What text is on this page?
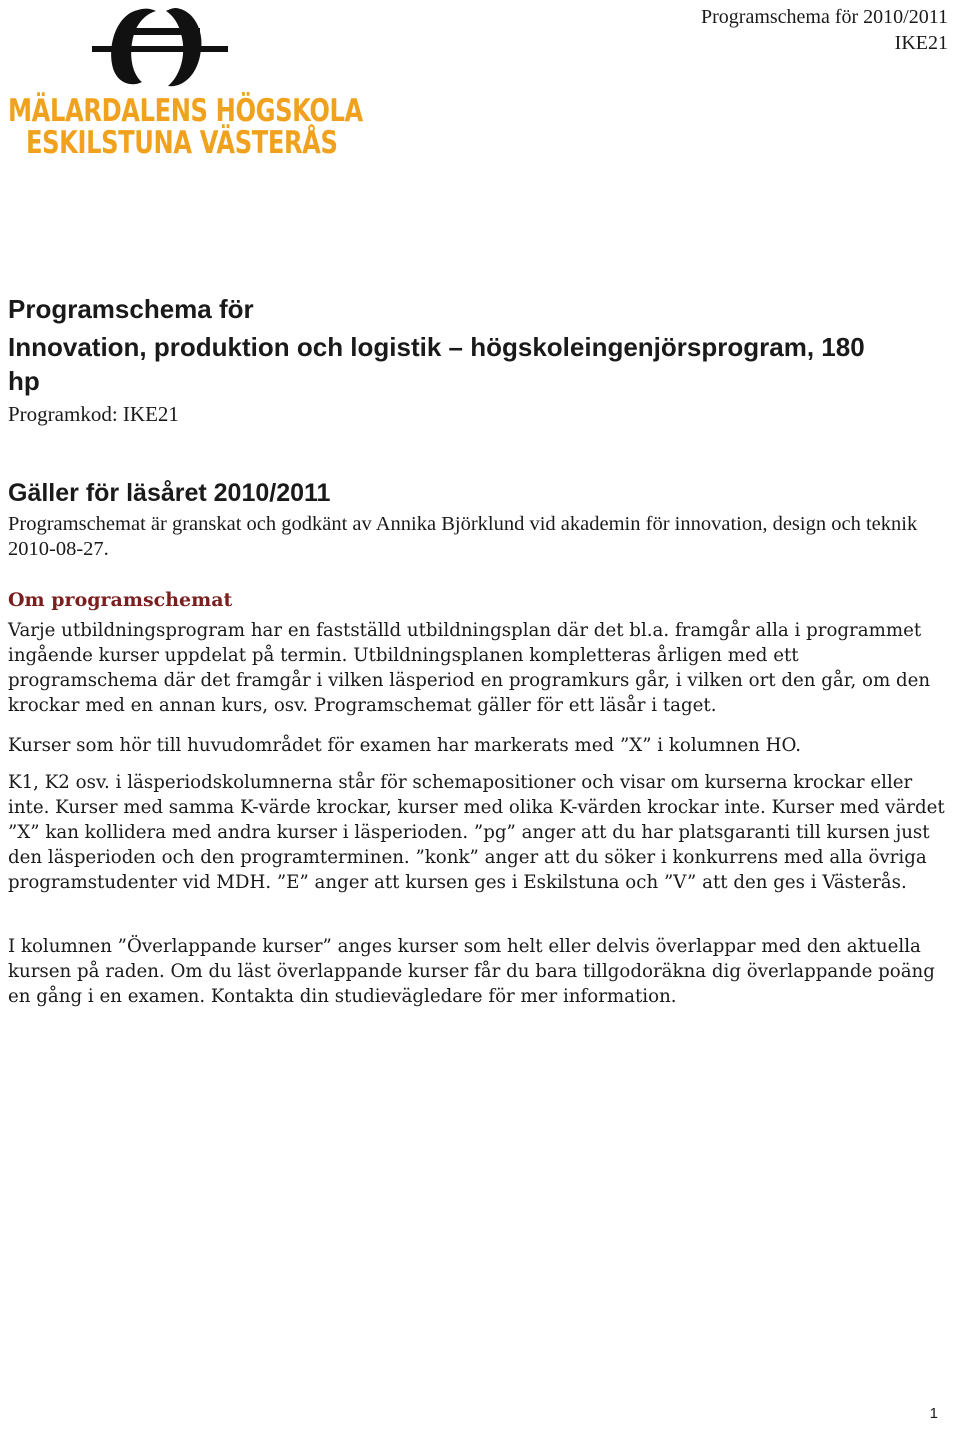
Programschema för 2010/2011
IKE21
MÄLARDALENS HÖGSKOLA
ESKILSTUNA VÄSTERÅS
Programschema för
Innovation, produktion och logistik – högskoleingenjörsprogram, 180
hp
Programkod: IKE21
Gäller för läsåret 2010/2011
Programschemat är granskat och godkänt av Annika Björklund vid akademin för innovation, design och teknik 2010-08-27.
Om programschemat
Varje utbildningsprogram har en fastställd utbildningsplan där det bl.a. framgår alla i programmet ingående kurser uppdelat på termin. Utbildningsplanen kompletteras årligen med ett programschema där det framgår i vilken läsperiod en programkurs går, i vilken ort den går, om den krockar med en annan kurs, osv. Programschemat gäller för ett läsår i taget.
Kurser som hör till huvudområdet för examen har markerats med ”X” i kolumnen HO.
K1, K2 osv. i läsperiodskolumnerna står för schemapositioner och visar om kurserna krockar eller inte. Kurser med samma K-värde krockar, kurser med olika K-värden krockar inte. Kurser med värdet ”X” kan kollidera med andra kurser i läsperioden. ”pg” anger att du har platsgaranti till kursen just den läsperioden och den programterminen. ”konk” anger att du söker i konkurrens med alla övriga programstudenter vid MDH. ”E” anger att kursen ges i Eskilstuna och ”V” att den ges i Västerås.
I kolumnen ”Överlappande kurser” anges kurser som helt eller delvis överlappar med den aktuella kursen på raden. Om du läst överlappande kurser får du bara tillgodoräkna dig överlappande poäng en gång i en examen. Kontakta din studievägledare för mer information.
1
